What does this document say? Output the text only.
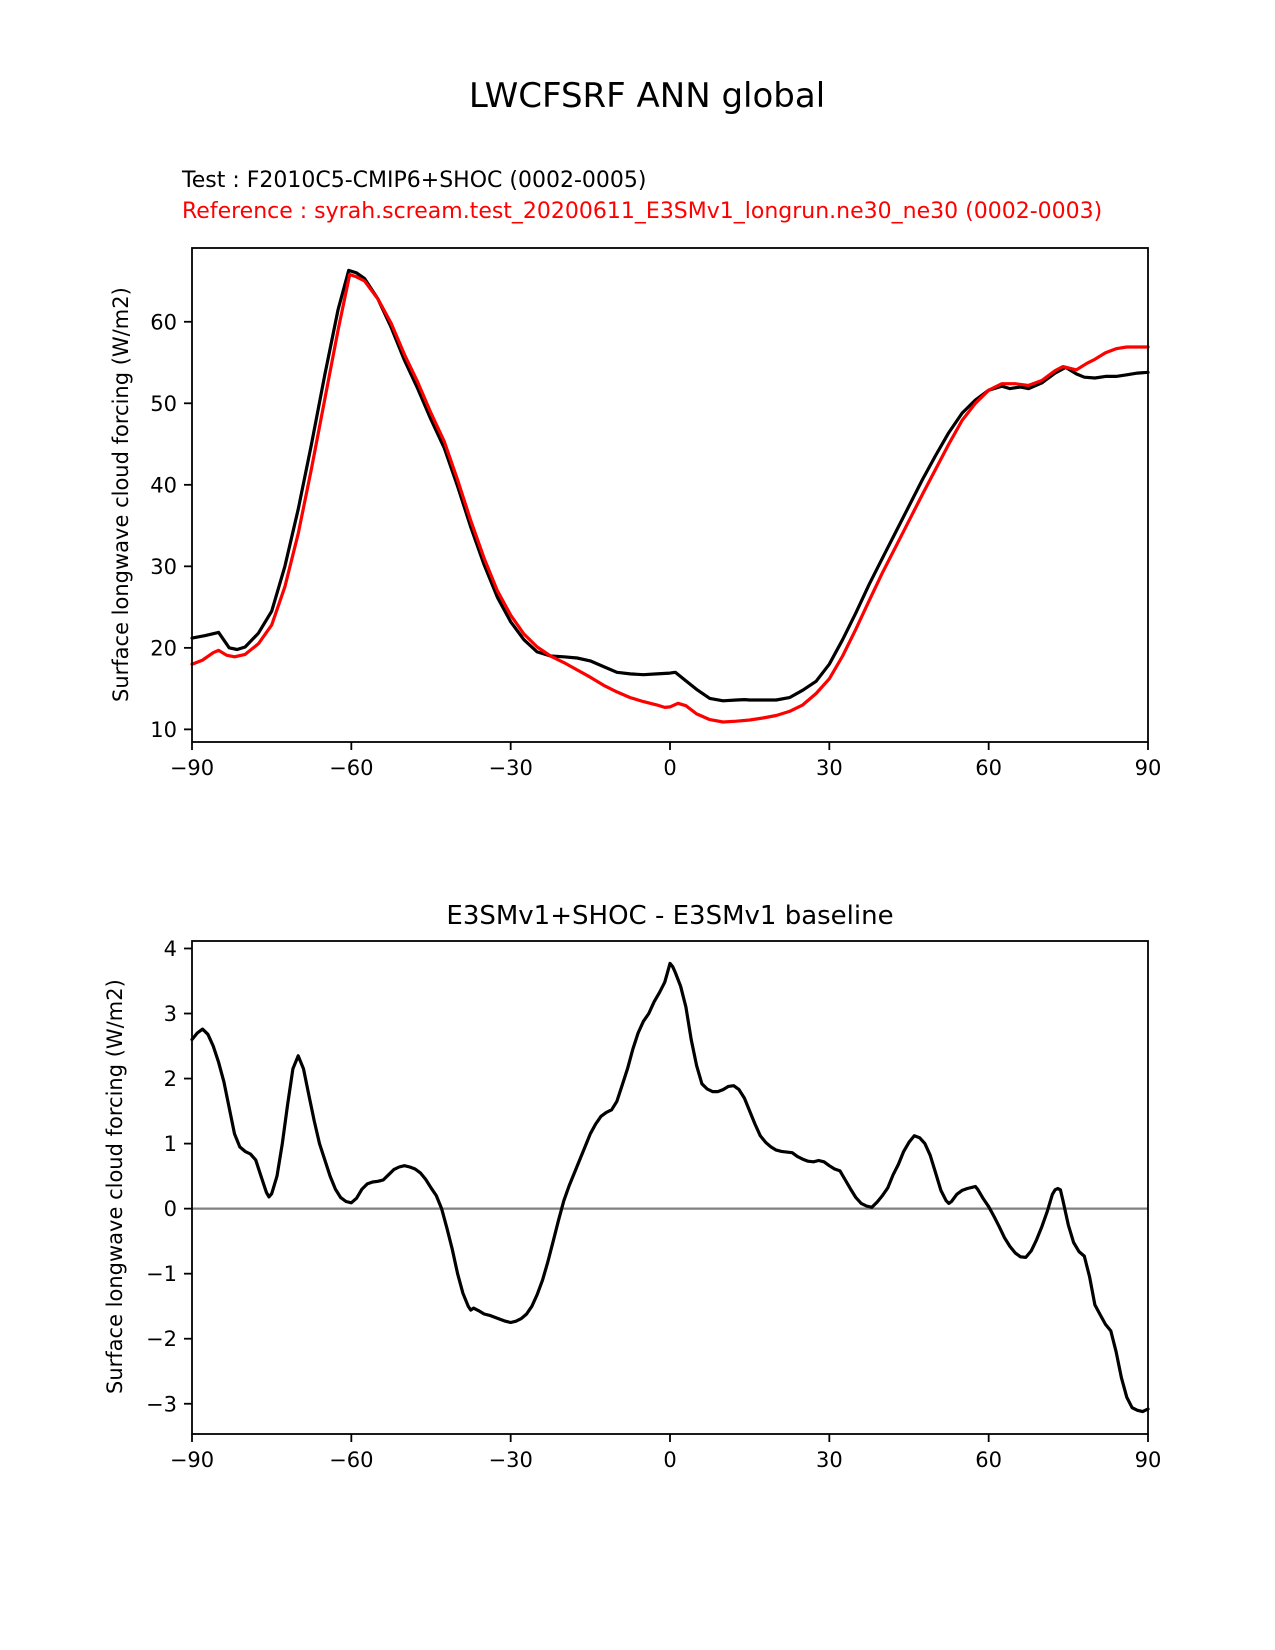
LWCFSRF ANN global
Test : F2010C5-CMIP6+SHOC (0002-0005)
Reference : syrah.scream.test_20200611_E3SMv1_longrun.ne30_ne30 (0002-0003)
E3SMv1+SHOC - E3SMv1 baseline
Surface longwave cloud forcing (W/m2)
Surface longwave cloud forcing (W/m2)
−90	−60	−30	0	30	60	90
10
20
30
40
50
60
−90	−60	−30	0	30	60	90
−3
−2
−1
0
1
2
3
4
